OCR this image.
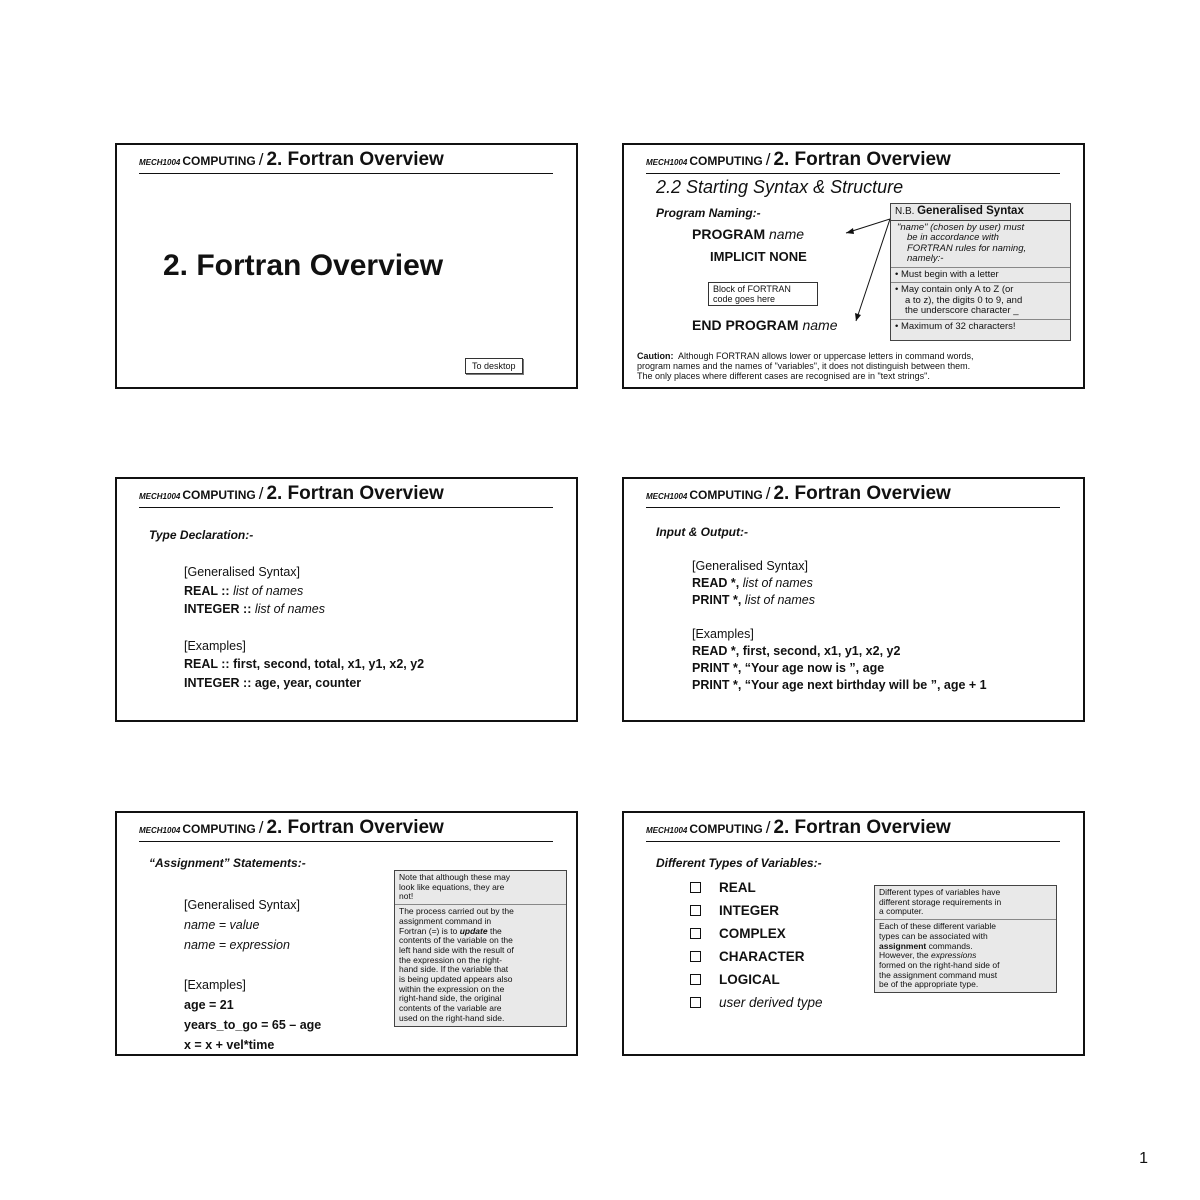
MECH1004 COMPUTING / 2. Fortran Overview
2. Fortran Overview
To desktop
MECH1004 COMPUTING / 2. Fortran Overview
2.2 Starting Syntax & Structure
Program Naming:-
PROGRAM name
IMPLICIT NONE
Block of FORTRAN
code goes here
END PROGRAM name
N.B. Generalised Syntax
"name" (chosen by user) must
be in accordance with
FORTRAN rules for naming,
namely:-
• Must begin with a letter
• May contain only A to Z (or
a to z), the digits 0 to 9, and
the underscore character _
• Maximum of 32 characters!
Caution: Although FORTRAN allows lower or uppercase letters in command words,
program names and the names of "variables", it does not distinguish between them.
The only places where different cases are recognised are in "text strings".
MECH1004 COMPUTING / 2. Fortran Overview
Type Declaration:-
[Generalised Syntax]
REAL :: list of names
INTEGER :: list of names
[Examples]
REAL :: first, second, total, x1, y1, x2, y2
INTEGER :: age, year, counter
MECH1004 COMPUTING / 2. Fortran Overview
Input & Output:-
[Generalised Syntax]
READ *, list of names
PRINT *, list of names
[Examples]
READ *, first, second, x1, y1, x2, y2
PRINT *, “Your age now is ”, age
PRINT *, “Your age next birthday will be ”, age + 1
MECH1004 COMPUTING / 2. Fortran Overview
“Assignment” Statements:-
[Generalised Syntax]
name = value
name = expression
[Examples]
age = 21
years_to_go = 65 – age
x = x + vel*time
Note that although these may
look like equations, they are
not!
The process carried out by the
assignment command in
Fortran (=) is to update the
contents of the variable on the
left hand side with the result of
the expression on the right-
hand side. If the variable that
is being updated appears also
within the expression on the
right-hand side, the original
contents of the variable are
used on the right-hand side.
MECH1004 COMPUTING / 2. Fortran Overview
Different Types of Variables:-
REAL
INTEGER
COMPLEX
CHARACTER
LOGICAL
user derived type
Different types of variables have
different storage requirements in
a computer.
Each of these different variable
types can be associated with
assignment commands.
However, the expressions
formed on the right-hand side of
the assignment command must
be of the appropriate type.
1
